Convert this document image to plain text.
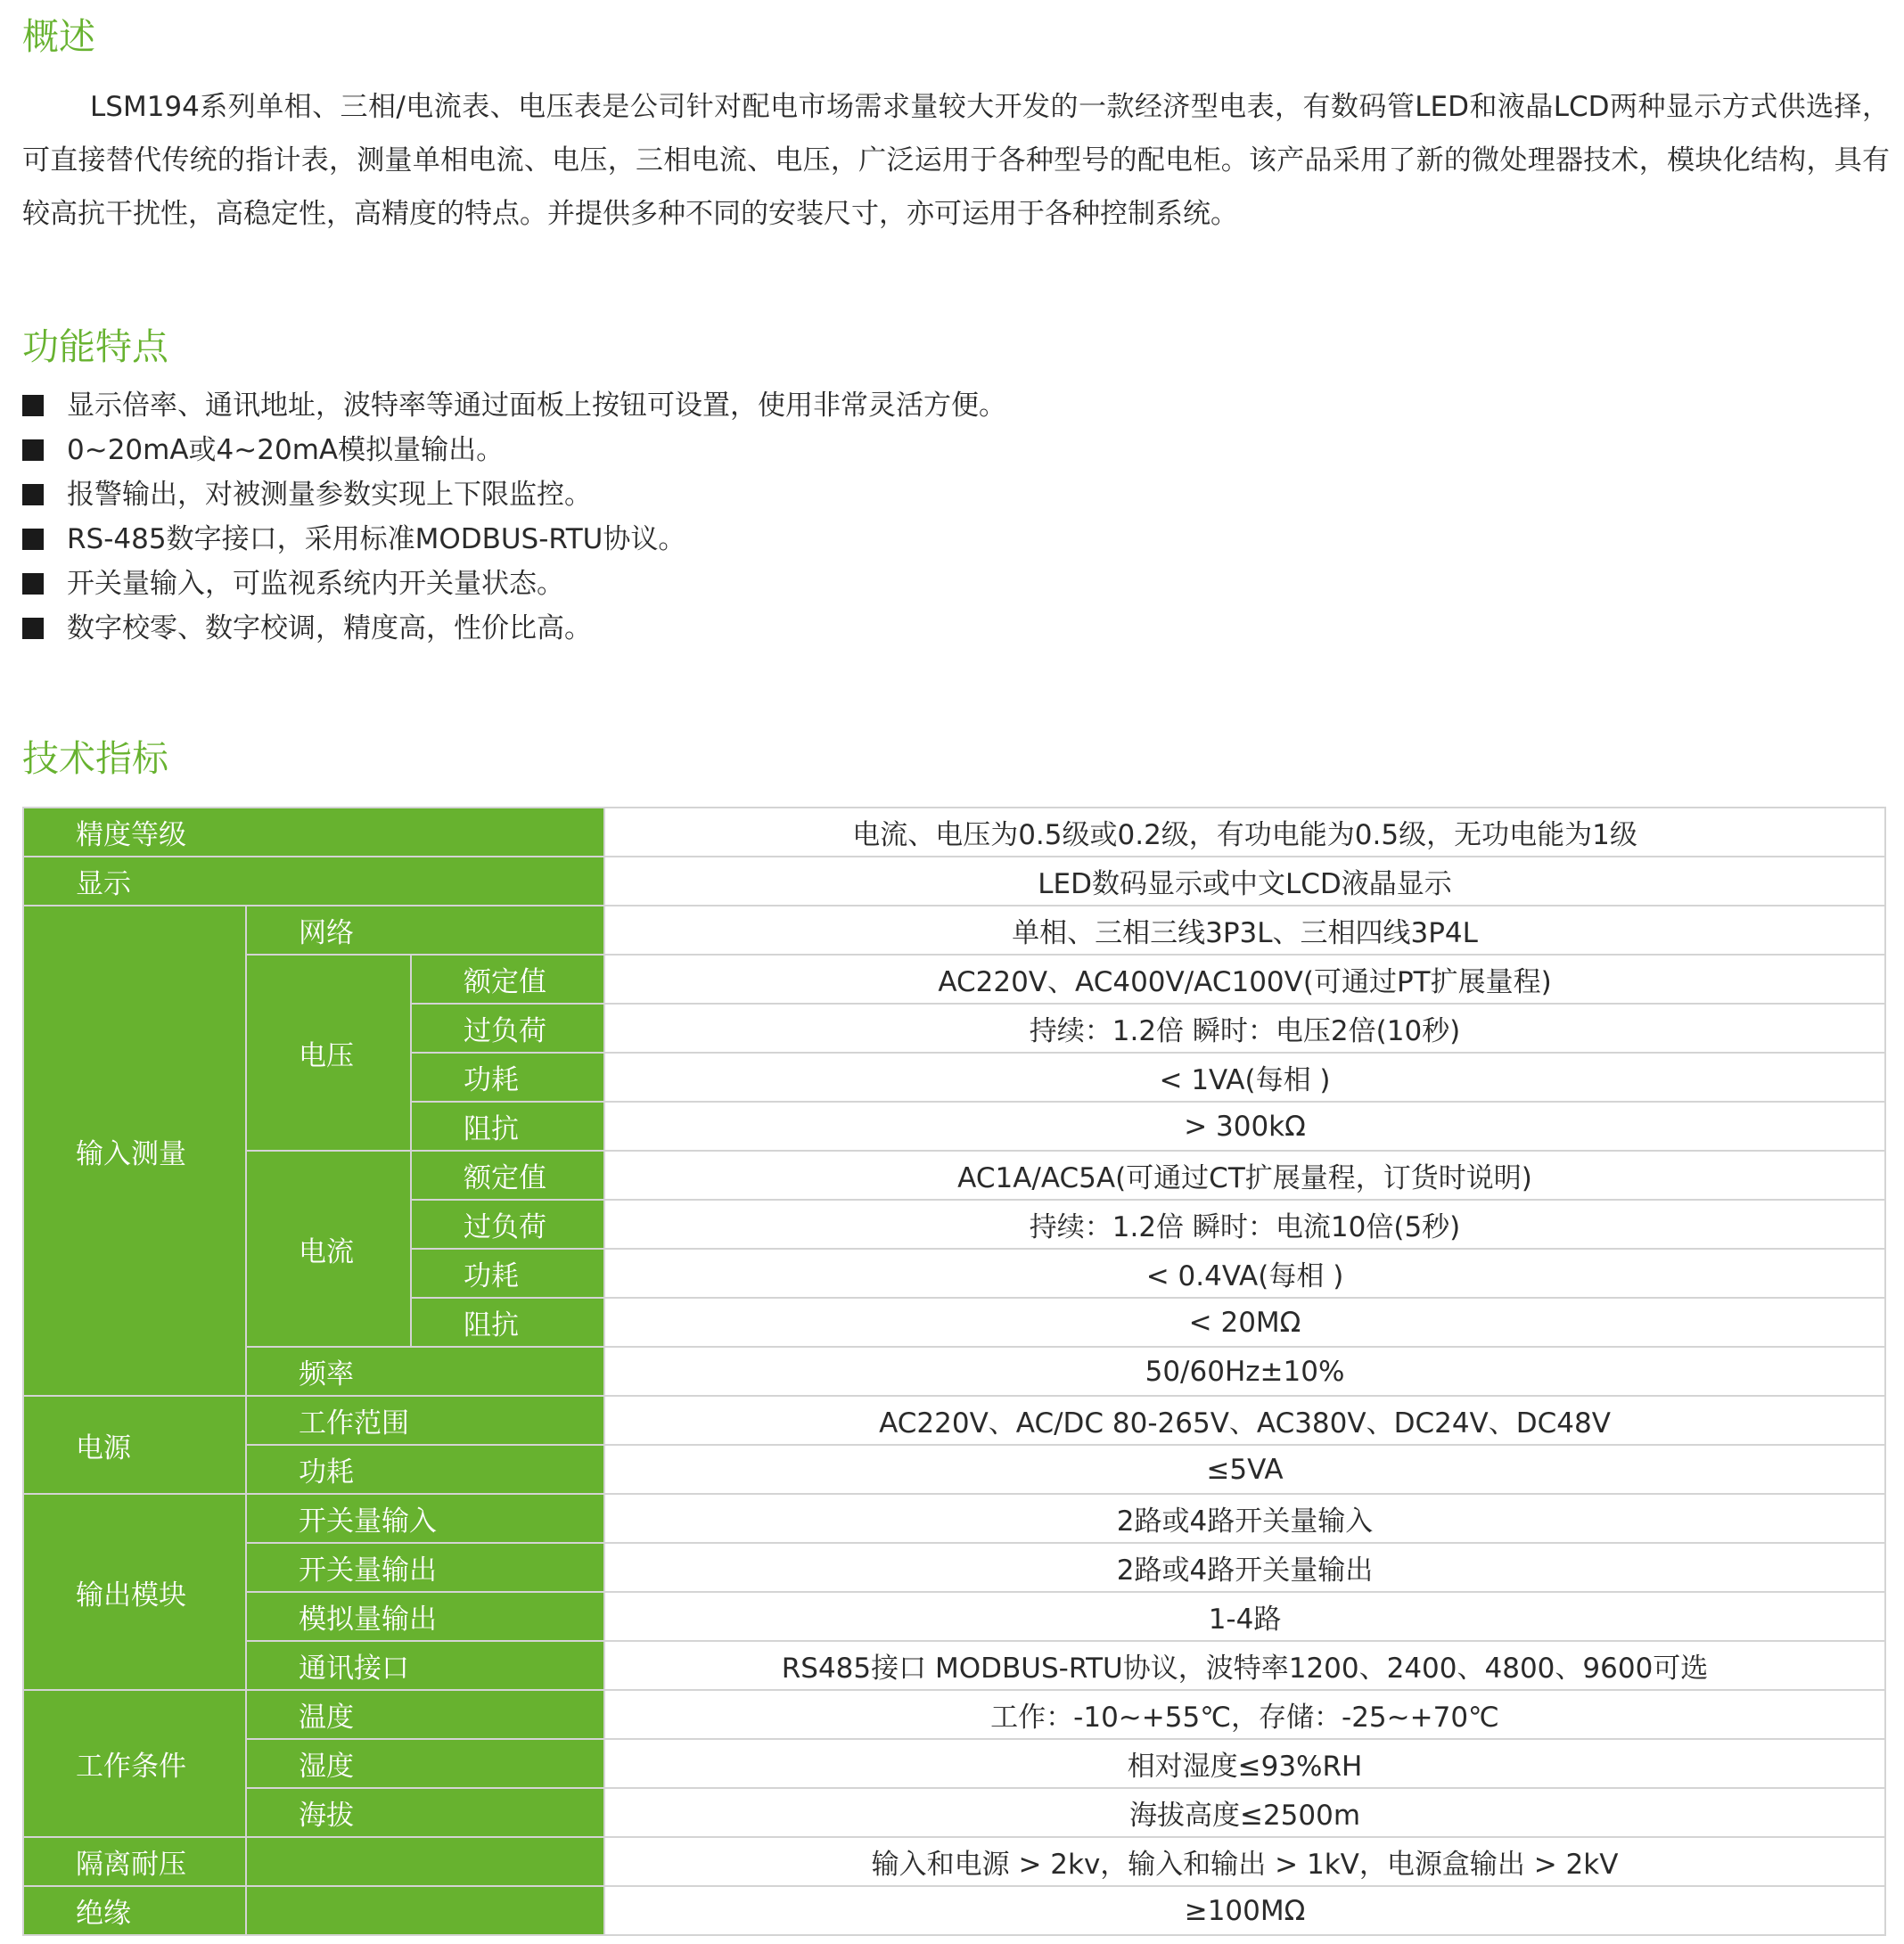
概述

LSM194系列单相、三相/电流表、电压表是公司针对配电市场需求量较大开发的一款经济型电表，有数码管LED和液晶LCD两种显示方式供选择，可直接替代传统的指计表，测量单相电流、电压，三相电流、电压，广泛运用于各种型号的配电柜。该产品采用了新的微处理器技术，模块化结构，具有较高抗干扰性，高稳定性，高精度的特点。并提供多种不同的安装尺寸，亦可运用于各种控制系统。

功能特点
显示倍率、通讯地址，波特率等通过面板上按钮可设置，使用非常灵活方便。
0~20mA或4~20mA模拟量输出。
报警输出，对被测量参数实现上下限监控。
RS-485数字接口，采用标准MODBUS-RTU协议。
开关量输入，可监视系统内开关量状态。
数字校零、数字校调，精度高，性价比高。
技术指标
精度等级			电流、电压为0.5级或0.2级，有功电能为0.5级，无功电能为1级
显示			LED数码显示或中文LCD液晶显示
输入测量	网络		单相、三相三线3P3L、三相四线3P4L
	电压	额定值	AC220V、AC400V/AC100V(可通过PT扩展量程)
		过负荷	持续：1.2倍 瞬时：电压2倍(10秒)
		功耗	< 1VA(每相 )
		阻抗	> 300kΩ
	电流	额定值	AC1A/AC5A(可通过CT扩展量程，订货时说明)
		过负荷	持续：1.2倍 瞬时：电流10倍(5秒)
		功耗	< 0.4VA(每相 )
		阻抗	< 20MΩ
	频率		50/60Hz±10%
电源	工作范围		AC220V、AC/DC 80-265V、AC380V、DC24V、DC48V
	功耗		≤5VA
输出模块	开关量输入		2路或4路开关量输入
	开关量输出		2路或4路开关量输出
	模拟量输出		1-4路
	通讯接口		RS485接口 MODBUS-RTU协议，波特率1200、2400、4800、9600可选
工作条件	温度		工作：-10~+55℃，存储：-25~+70℃
	湿度		相对湿度≤93%RH
	海拔		海拔高度≤2500m
隔离耐压			输入和电源 > 2kv，输入和输出 > 1kV，电源盒输出 > 2kV
绝缘			≥100MΩ
